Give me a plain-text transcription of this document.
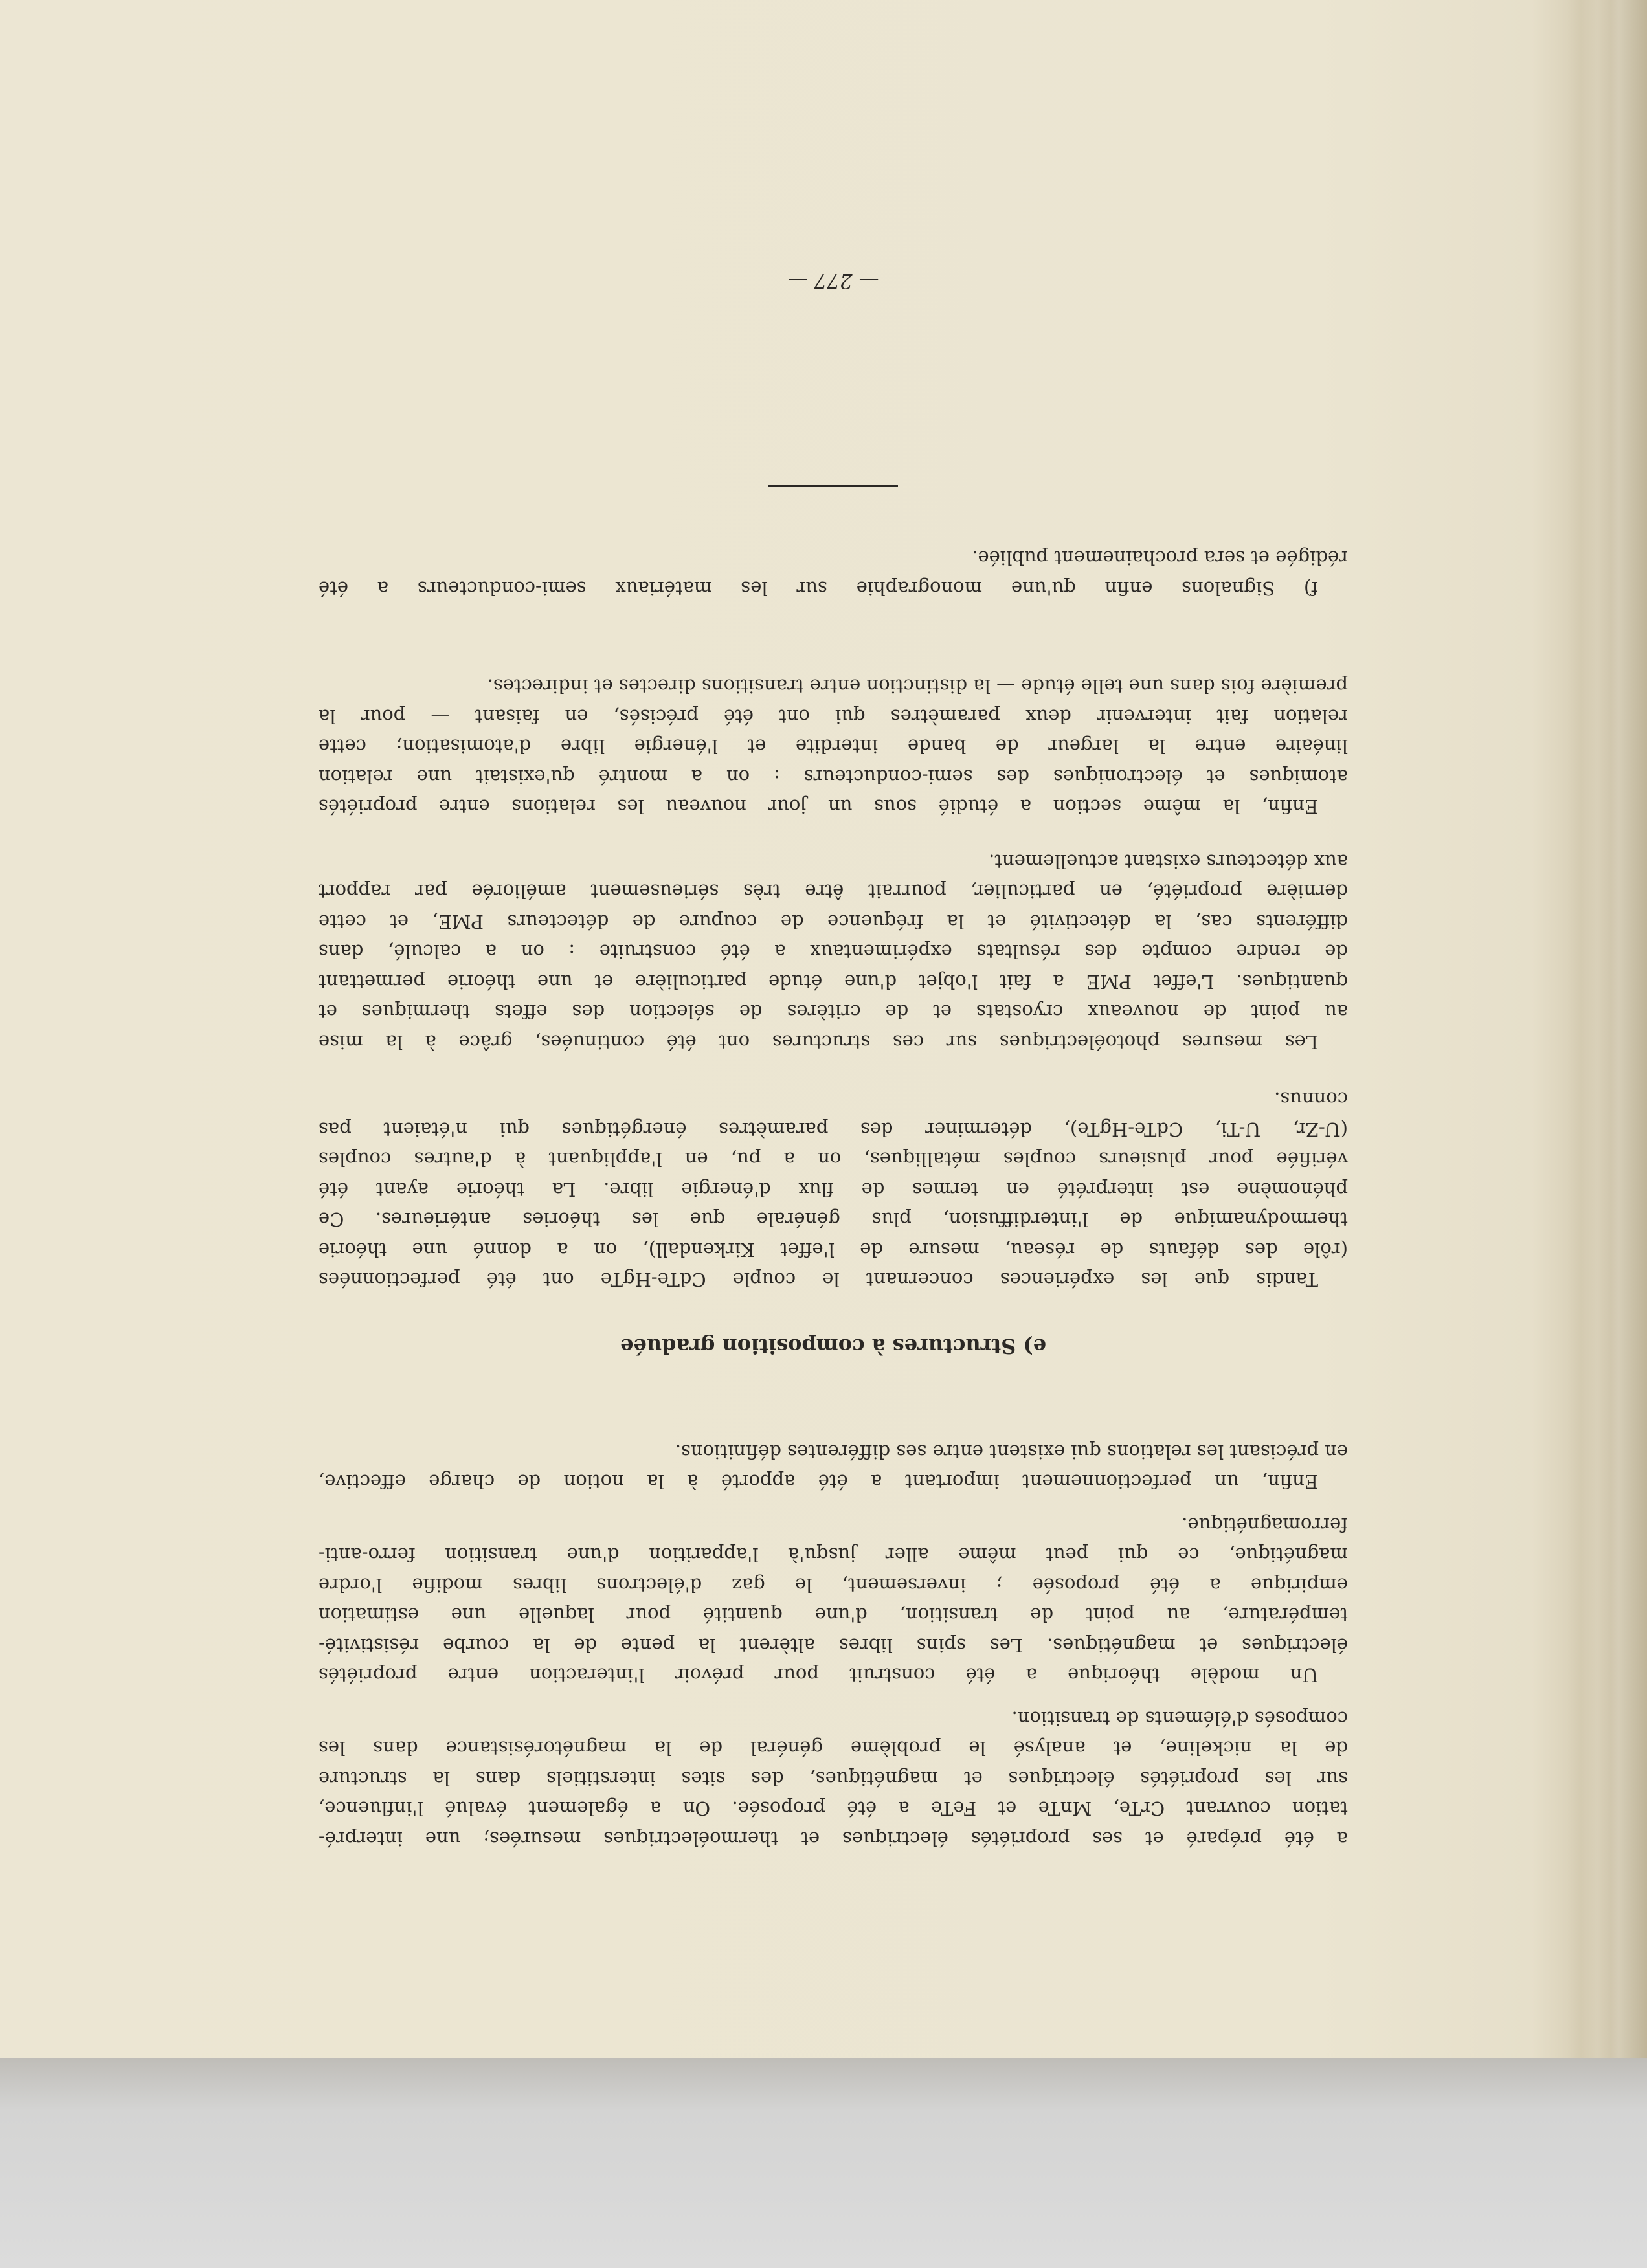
a été préparé et ses propriétés électriques et thermoélectriques mesurées; une interpré-
tation couvrant CrTe, MnTe et FeTe a été proposée. On a également évalué l'influence,
sur les propriétés électriques et magnétiques, des sites interstitiels dans la structure
de la nickeline, et analysé le problème général de la magnétorésistance dans les
composés d'éléments de transition.
Un modèle théorique a été construit pour prévoir l'interaction entre propriétés
électriques et magnétiques. Les spins libres altèrent la pente de la courbe résistivité-
température, au point de transition, d'une quantité pour laquelle une estimation
empirique a été proposée ; inversement, le gaz d'électrons libres modifie l'ordre
magnétique, ce qui peut même aller jusqu'à l'apparition d'une transition ferro-anti-
ferromagnétique.
Enfin, un perfectionnement important a été apporté à la notion de charge effective,
en précisant les relations qui existent entre ses différentes définitions.
e) Structures à composition graduée
Tandis que les expériences concernant le couple CdTe-HgTe ont été perfectionnées
(rôle des défauts de réseau, mesure de l'effet Kirkendall), on a donné une théorie
thermodynamique de l'interdiffusion, plus générale que les théories antérieures. Ce
phénomène est interprété en termes de flux d'énergie libre. La théorie ayant été
vérifiée pour plusieurs couples métalliques, on a pu, en l'appliquant à d'autres couples
(U-Zr, U-Ti, CdTe-HgTe), déterminer des paramètres énergétiques qui n'étaient pas
connus.
Les mesures photoélectriques sur ces structures ont été continuées, grâce à la mise
au point de nouveaux cryostats et de critères de sélection des effets thermiques et
quantiques. L'effet PME a fait l'objet d'une étude particulière et une théorie permettant
de rendre compte des résultats expérimentaux a été construite : on a calculé, dans
différents cas, la détectivité et la fréquence de coupure de détecteurs PME, et cette
dernière propriété, en particulier, pourrait être très sérieusement améliorée par rapport
aux détecteurs existant actuellement.
Enfin, la même section a étudié sous un jour nouveau les relations entre propriétés
atomiques et électroniques des semi-conducteurs : on a montré qu'existait une relation
linéaire entre la largeur de bande interdite et l'énergie libre d'atomisation; cette
relation fait intervenir deux paramètres qui ont été précisés, en faisant — pour la
première fois dans une telle étude — la distinction entre transitions directes et indirectes.
f) Signalons enfin qu'une monographie sur les matériaux semi-conducteurs a été
rédigée et sera prochainement publiée.
— 277 —
